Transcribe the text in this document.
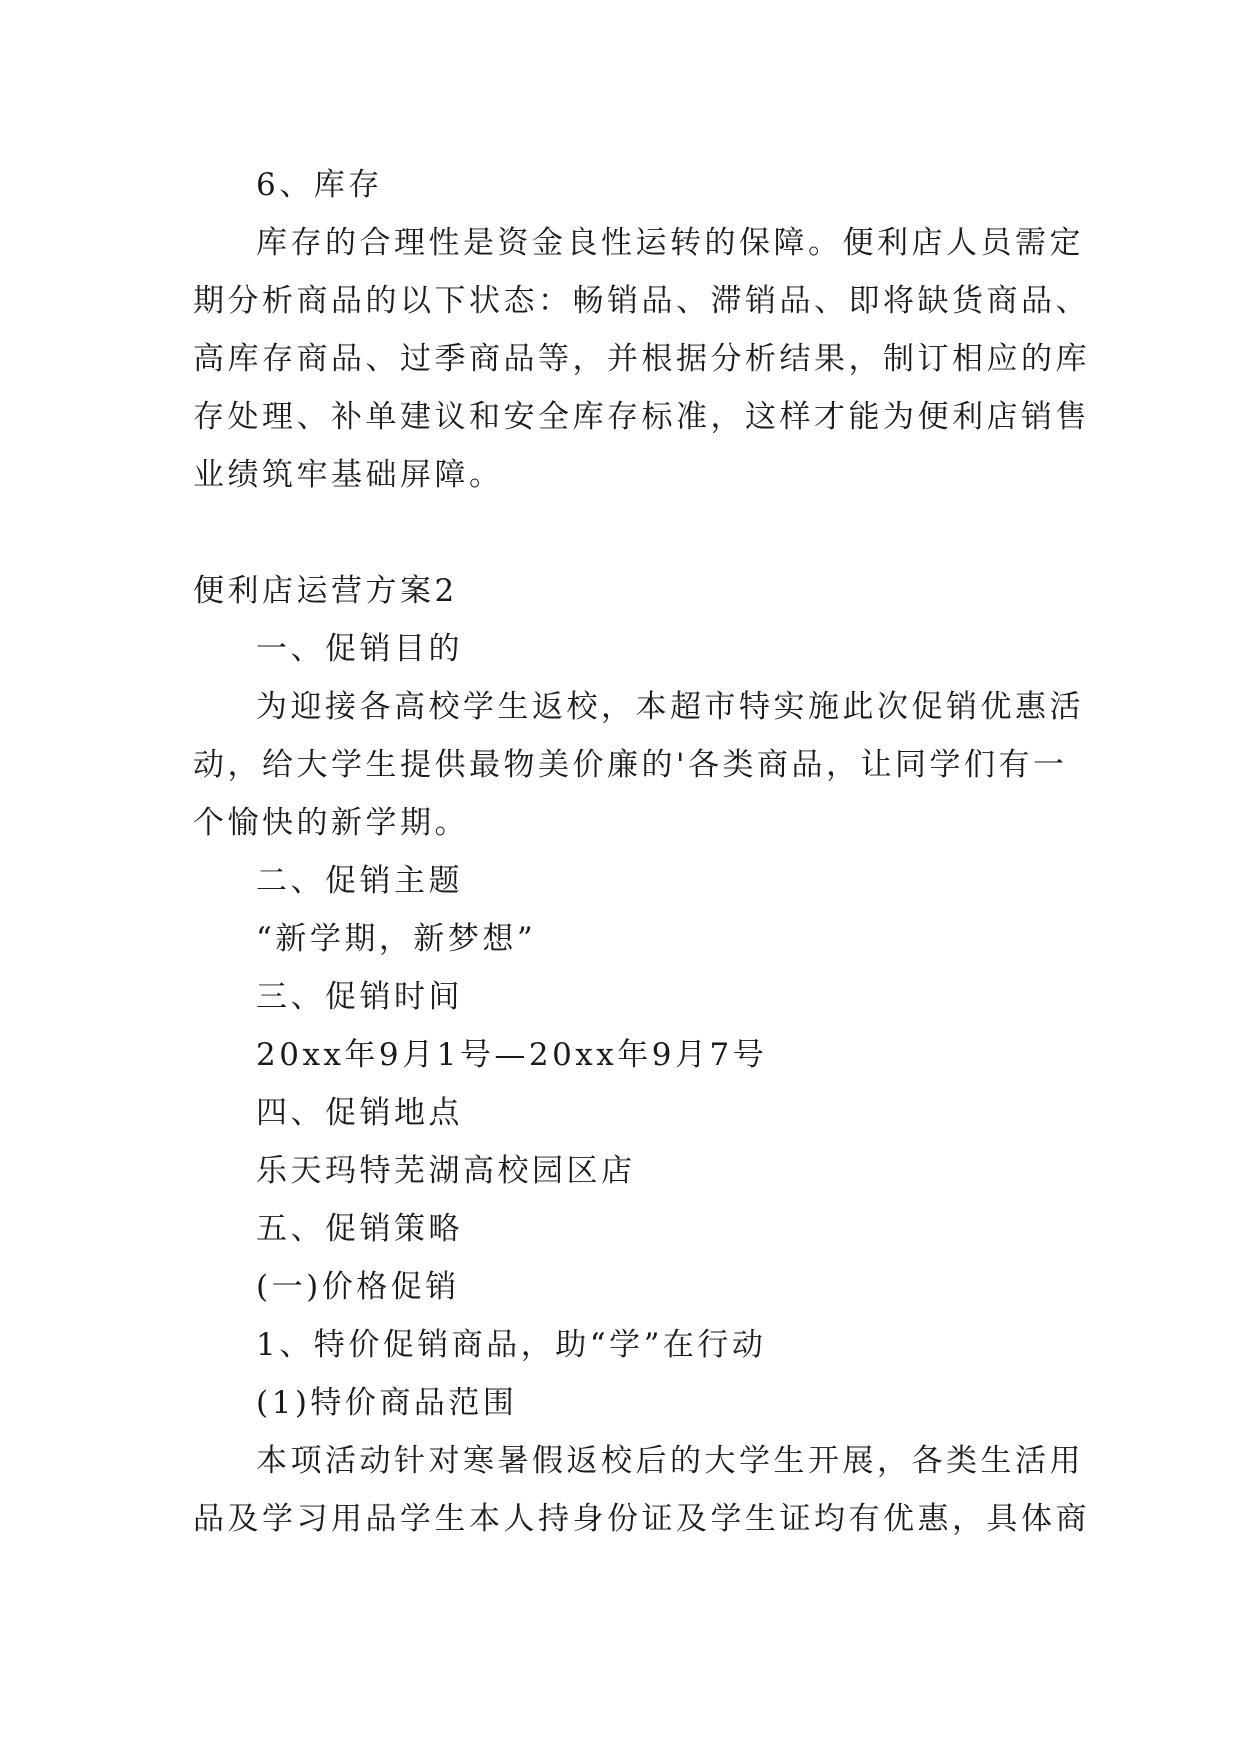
6、库存
库存的合理性是资金良性运转的保障。便利店人员需定
期分析商品的以下状态：畅销品、滞销品、即将缺货商品、
高库存商品、过季商品等，并根据分析结果，制订相应的库
存处理、补单建议和安全库存标准，这样才能为便利店销售
业绩筑牢基础屏障。
便利店运营方案2
一、促销目的
为迎接各高校学生返校，本超市特实施此次促销优惠活
动，给大学生提供最物美价廉的'各类商品，让同学们有一
个愉快的新学期。
二、促销主题
“新学期，新梦想”
三、促销时间
20xx年9月1号—20xx年9月7号
四、促销地点
乐天玛特芜湖高校园区店
五、促销策略
(一)价格促销
1、特价促销商品，助“学”在行动
(1)特价商品范围
本项活动针对寒暑假返校后的大学生开展，各类生活用
品及学习用品学生本人持身份证及学生证均有优惠，具体商
